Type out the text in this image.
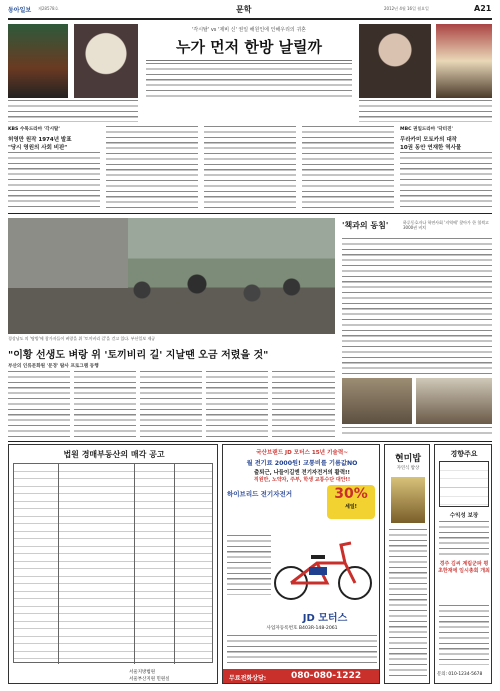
동아일보 제28578호	문학	2012년 4월 16일 월요일	A21
'각시탈' vs '제비 신' 권일 해원인에 인해우리의 귀혼
누가 먼저 한방 날릴까
KBS 수목드라마 '각시탈'
허영만 원작 1974년 발표
"당시 영원의 사회 비판"
MBC 권일드라마 '닥터진'
무라카미 모토카의 대작
10권 동안 연재한 역사물
경상남도 의 '탐방'에 참가자들이 벼랑을 위 '토끼비리 길'을 걷고 있다. 부산일보 제공
'책과의 동침'	하루동호자나 학연사회 '지역에' 찾아가 한 혈씩고 3000권 비치
"이황 선생도 벼랑 위 '토끼비리 길' 지날땐 오금 저렸을 것"
부산의 인류문화원 '문경' 탐사 프로그램 동행
법원 경매부동산의 매각 공고
서울지방법원
서울부산지원 민원실
국산브랜드 JD 모터스 15년 기술력~
월 전기료 2000원! 교통비를 기름값NO
출퇴근, 나들이길엔 전기자전거의 활력!!
직원만, 노약자, 주부, 학생 교통수단 대안!!
하이브리드 전기자전거	30%
세일!
JD 모터스
사업자등록번호 B403R-148-2061
무료전화상담:	080-080-1222
현미밥
자연식 밥상
경향주요
수익성 보장
경주 김씨 계림군파 평초한재에 임시총회 개최
문의: 010-1234-5678
